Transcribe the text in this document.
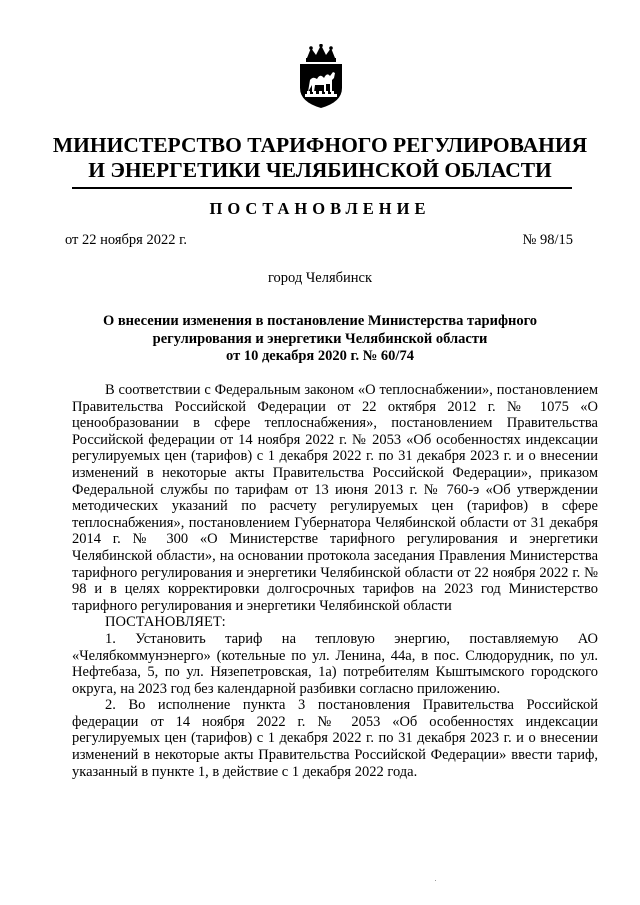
МИНИСТЕРСТВО ТАРИФНОГО РЕГУЛИРОВАНИЯ
И ЭНЕРГЕТИКИ ЧЕЛЯБИНСКОЙ ОБЛАСТИ
ПОСТАНОВЛЕНИЕ
от 22 ноября 2022 г.	№ 98/15
город Челябинск
О внесении изменения в постановление Министерства тарифного
регулирования и энергетики Челябинской области
от 10 декабря 2020 г. № 60/74

В соответствии с Федеральным законом «О теплоснабжении», постановлением Правительства Российской Федерации от 22 октября 2012 г. № 1075 «О ценообразовании в сфере теплоснабжения», постановлением Правительства Российской федерации от 14 ноября 2022 г. № 2053 «Об особенностях индексации регулируемых цен (тарифов) с 1 декабря 2022 г. по 31 декабря 2023 г. и о внесении изменений в некоторые акты Правительства Российской Федерации», приказом Федеральной службы по тарифам от 13 июня 2013 г. № 760-э «Об утверждении методических указаний по расчету регулируемых цен (тарифов) в сфере теплоснабжения», постановлением Губернатора Челябинской области от 31 декабря 2014 г. № 300 «О Министерстве тарифного регулирования и энергетики Челябинской области», на основании протокола заседания Правления Министерства тарифного регулирования и энергетики Челябинской области от 22 ноября 2022 г. № 98 и в целях корректировки долгосрочных тарифов на 2023 год Министерство тарифного регулирования и энергетики Челябинской области

ПОСТАНОВЛЯЕТ:

1. Установить тариф на тепловую энергию, поставляемую АО «Челябкоммунэнерго» (котельные по ул. Ленина, 44а, в пос. Слюдорудник, по ул. Нефтебаза, 5, по ул. Нязепетровская, 1а) потребителям Кыштымского городского округа, на 2023 год без календарной разбивки согласно приложению.

2. Во исполнение пункта 3 постановления Правительства Российской федерации от 14 ноября 2022 г. № 2053 «Об особенностях индексации регулируемых цен (тарифов) с 1 декабря 2022 г. по 31 декабря 2023 г. и о внесении изменений в некоторые акты Правительства Российской Федерации» ввести тариф, указанный в пункте 1, в действие с 1 декабря 2022 года.
